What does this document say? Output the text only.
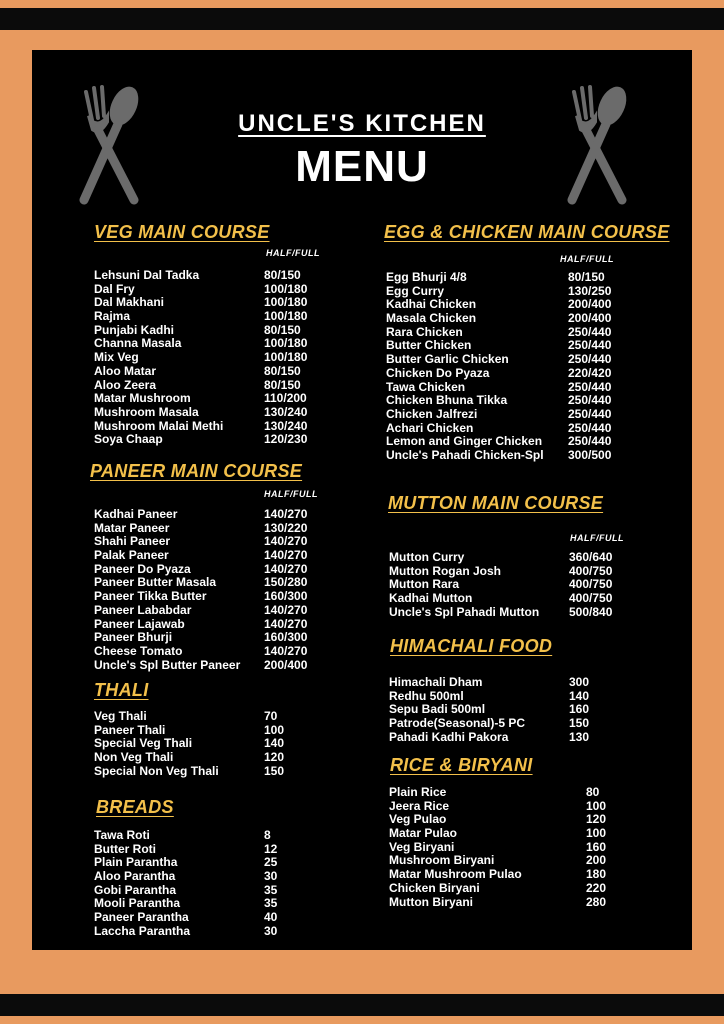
UNCLE'S KITCHEN
MENU
VEG MAIN COURSE
HALF/FULL
Lehsuni Dal Tadka	80/150
Dal Fry	100/180
Dal Makhani	100/180
Rajma	100/180
Punjabi Kadhi	80/150
Channa Masala	100/180
Mix Veg	100/180
Aloo Matar	80/150
Aloo Zeera	80/150
Matar Mushroom	110/200
Mushroom Masala	130/240
Mushroom Malai Methi	130/240
Soya Chaap	120/230
PANEER MAIN COURSE
HALF/FULL
Kadhai Paneer	140/270
Matar Paneer	130/220
Shahi Paneer	140/270
Palak Paneer	140/270
Paneer Do Pyaza	140/270
Paneer Butter Masala	150/280
Paneer Tikka Butter	160/300
Paneer Lababdar	140/270
Paneer Lajawab	140/270
Paneer Bhurji	160/300
Cheese Tomato	140/270
Uncle's Spl Butter Paneer 200/400
THALI
Veg Thali	70
Paneer Thali	100
Special Veg Thali	140
Non Veg Thali	120
Special Non Veg Thali	150
BREADS
Tawa Roti	8
Butter Roti	12
Plain Parantha	25
Aloo Parantha	30
Gobi Parantha	35
Mooli Parantha	35
Paneer Parantha	40
Laccha Parantha	30
EGG & CHICKEN MAIN COURSE
HALF/FULL
Egg Bhurji 4/8	80/150
Egg Curry	130/250
Kadhai Chicken	200/400
Masala Chicken	200/400
Rara Chicken	250/440
Butter Chicken	250/440
Butter Garlic Chicken	250/440
Chicken Do Pyaza	220/420
Tawa Chicken	250/440
Chicken Bhuna Tikka	250/440
Chicken Jalfrezi	250/440
Achari Chicken	250/440
Lemon and Ginger Chicken 250/440
Uncle's Pahadi Chicken-Spl 300/500
MUTTON MAIN COURSE
HALF/FULL
Mutton Curry	360/640
Mutton Rogan Josh	400/750
Mutton Rara	400/750
Kadhai Mutton	400/750
Uncle's Spl Pahadi Mutton 500/840
HIMACHALI FOOD
Himachali Dham	300
Redhu 500ml	140
Sepu Badi 500ml	160
Patrode(Seasonal)-5 PC	150
Pahadi Kadhi Pakora	130
RICE & BIRYANI
Plain Rice	80
Jeera Rice	100
Veg Pulao	120
Matar Pulao	100
Veg Biryani	160
Mushroom Biryani	200
Matar Mushroom Pulao	180
Chicken Biryani	220
Mutton Biryani	280
